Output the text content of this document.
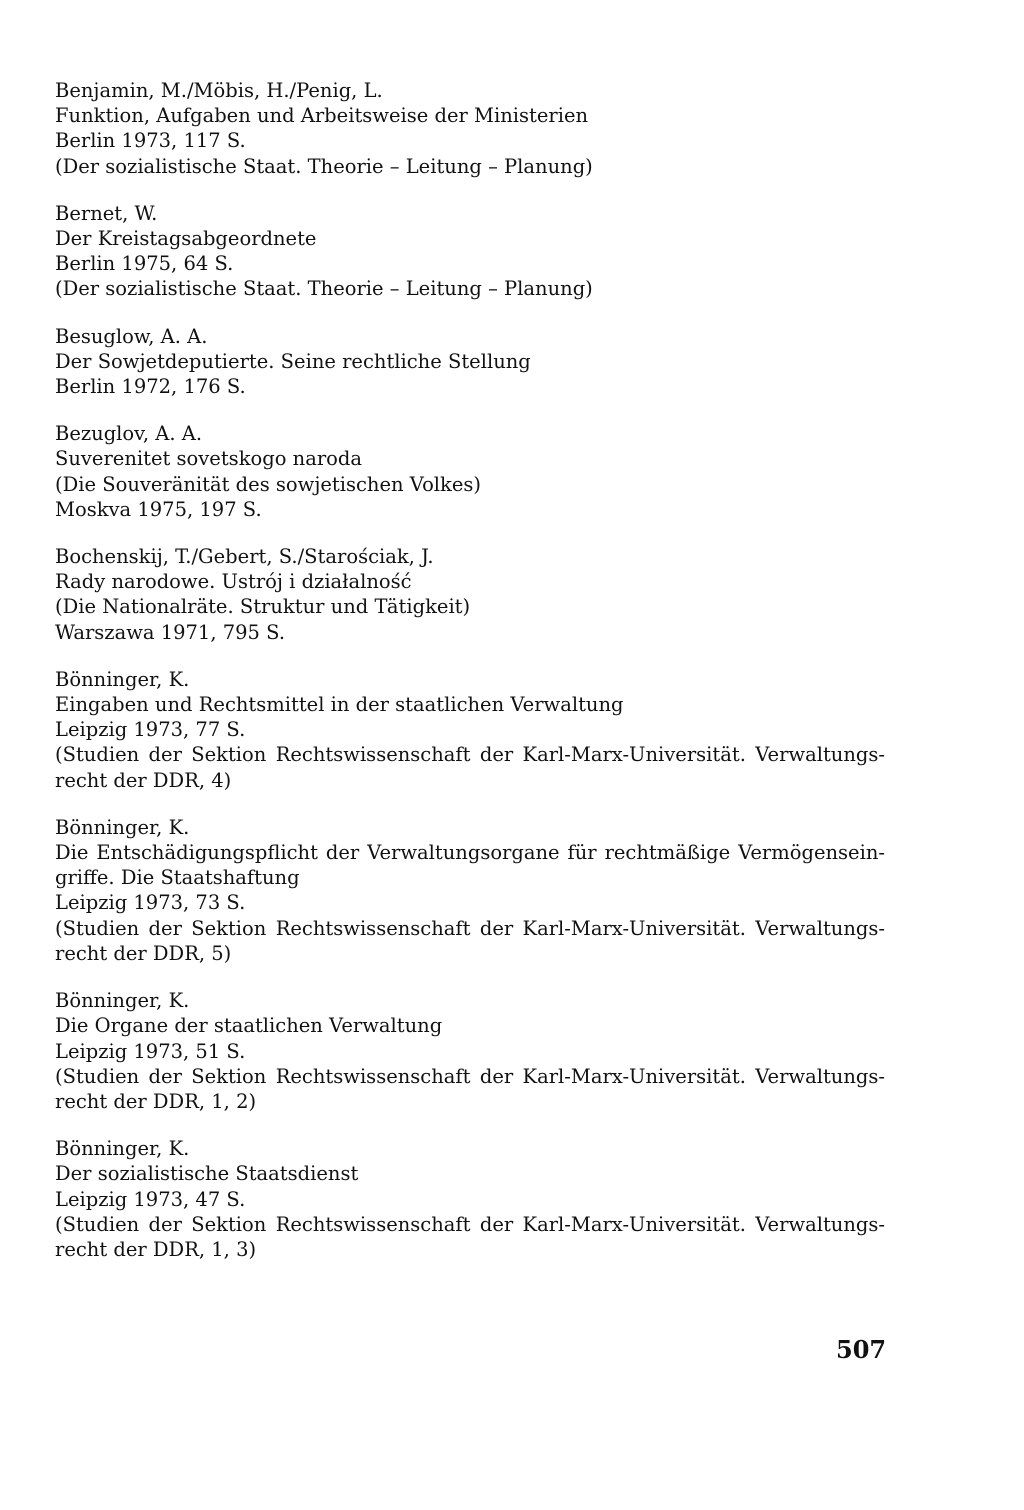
Benjamin, M./Möbis, H./Penig, L.
Funktion, Aufgaben und Arbeitsweise der Ministerien
Berlin 1973, 117 S.
(Der sozialistische Staat. Theorie – Leitung – Planung)
Bernet, W.
Der Kreistagsabgeordnete
Berlin 1975, 64 S.
(Der sozialistische Staat. Theorie – Leitung – Planung)
Besuglow, A. A.
Der Sowjetdeputierte. Seine rechtliche Stellung
Berlin 1972, 176 S.
Bezuglov, A. A.
Suverenitet sovetskogo naroda
(Die Souveränität des sowjetischen Volkes)
Moskva 1975, 197 S.
Bochenskij, T./Gebert, S./Starościak, J.
Rady narodowe. Ustrój i działalność
(Die Nationalräte. Struktur und Tätigkeit)
Warszawa 1971, 795 S.
Bönninger, K.
Eingaben und Rechtsmittel in der staatlichen Verwaltung
Leipzig 1973, 77 S.
(Studien der Sektion Rechtswissenschaft der Karl-Marx-Universität. Verwaltungs-
recht der DDR, 4)
Bönninger, K.
Die Entschädigungspflicht der Verwaltungsorgane für rechtmäßige Vermögensein-
griffe. Die Staatshaftung
Leipzig 1973, 73 S.
(Studien der Sektion Rechtswissenschaft der Karl-Marx-Universität. Verwaltungs-
recht der DDR, 5)
Bönninger, K.
Die Organe der staatlichen Verwaltung
Leipzig 1973, 51 S.
(Studien der Sektion Rechtswissenschaft der Karl-Marx-Universität. Verwaltungs-
recht der DDR, 1, 2)
Bönninger, K.
Der sozialistische Staatsdienst
Leipzig 1973, 47 S.
(Studien der Sektion Rechtswissenschaft der Karl-Marx-Universität. Verwaltungs-
recht der DDR, 1, 3)
507
